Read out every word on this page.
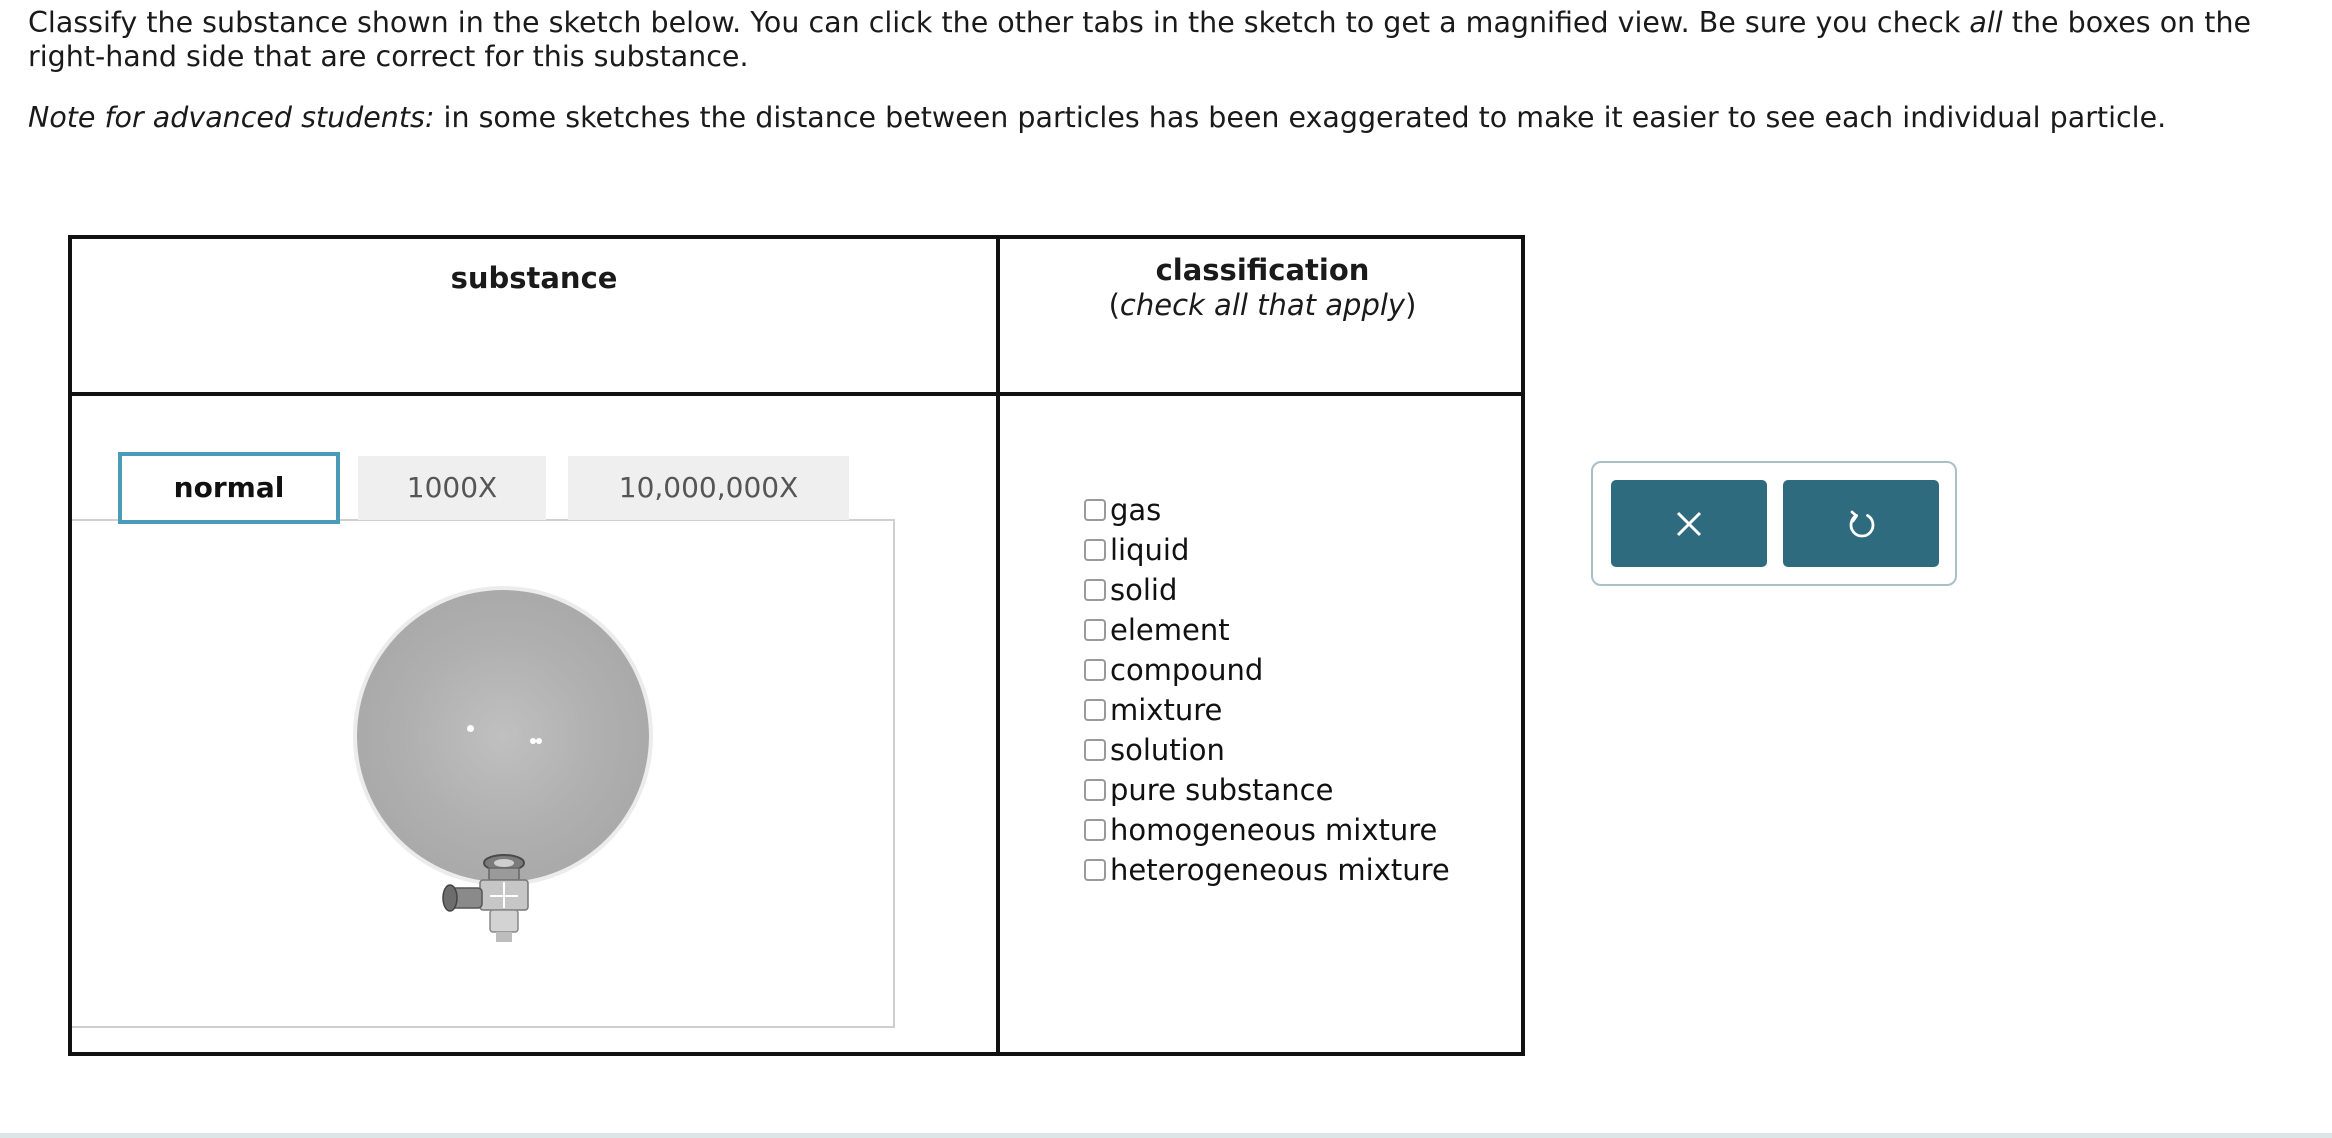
Classify the substance shown in the sketch below. You can click the other tabs in the sketch to get a magnified view. Be sure you check all the boxes on the right-hand side that are correct for this substance.

Note for advanced students: in some sketches the distance between particles has been exaggerated to make it easier to see each individual particle.

substance	classification
(check all that apply)
normal	1000X	10,000,000X
gas
liquid
solid
element
compound
mixture
solution
pure substance
homogeneous mixture
heterogeneous mixture
